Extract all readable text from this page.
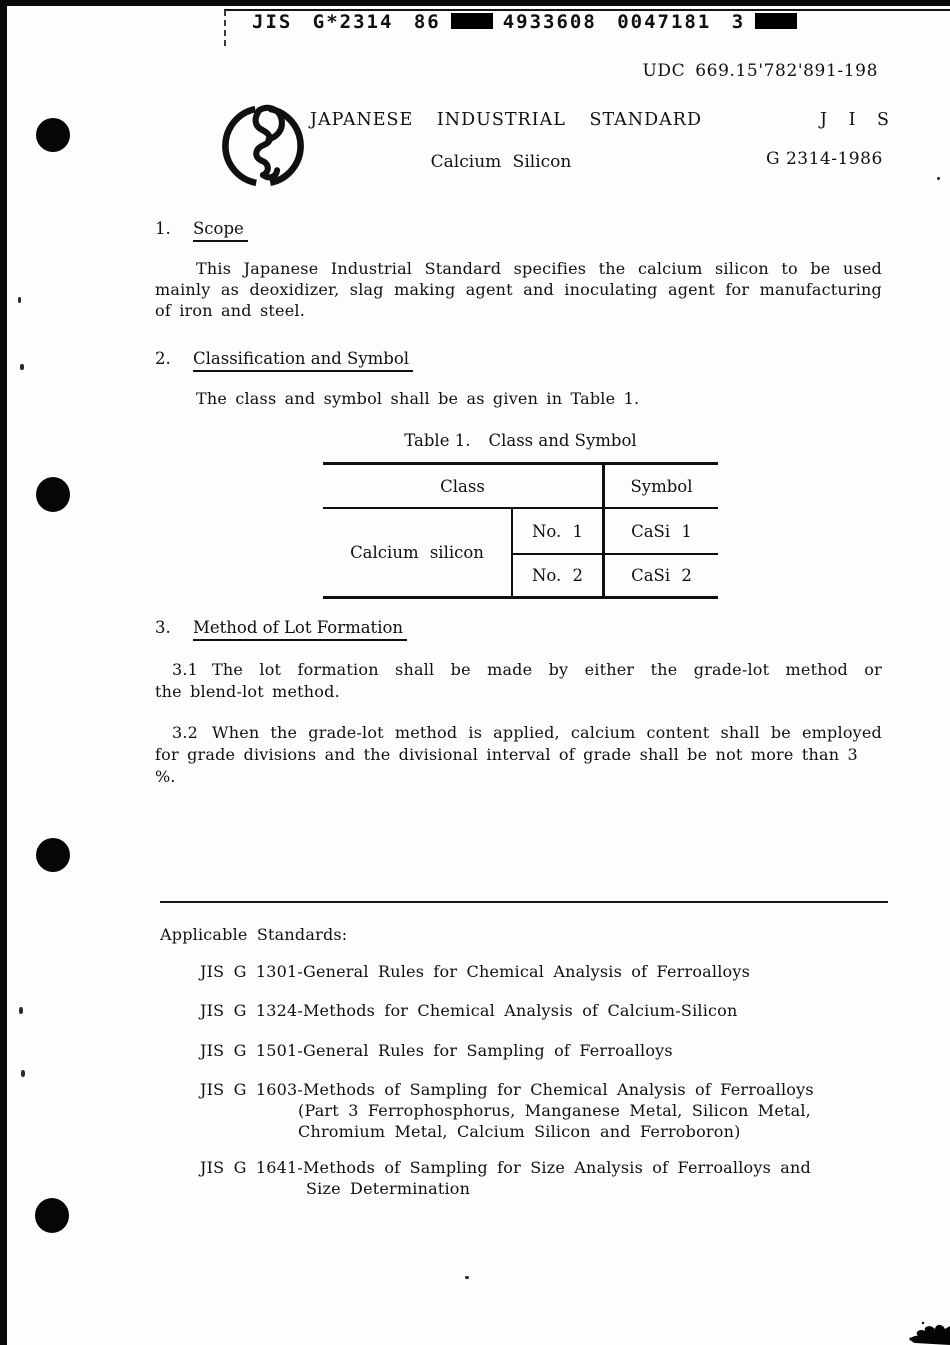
JIS G*2314 86	4933608 0047181 3
UDC 669.15'782'891-198
JAPANESE INDUSTRIAL STANDARD	J I S
Calcium Silicon	G 2314-1986
1. Scope
This Japanese Industrial Standard specifies the calcium silicon to be used
mainly as deoxidizer, slag making agent and inoculating agent for manufacturing
of iron and steel.
2. Classification and Symbol
The class and symbol shall be as given in Table 1.
Table 1. Class and Symbol
Class	Symbol
Calcium silicon
No. 1	CaSi 1
No. 2	CaSi 2
3. Method of Lot Formation
3.1 The lot formation shall be made by either the grade-lot method or
the blend-lot method.
3.2 When the grade-lot method is applied, calcium content shall be employed
for grade divisions and the divisional interval of grade shall be not more than 3 %.
Applicable Standards:
JIS G 1301-General Rules for Chemical Analysis of Ferroalloys
JIS G 1324-Methods for Chemical Analysis of Calcium-Silicon
JIS G 1501-General Rules for Sampling of Ferroalloys
JIS G 1603-Methods of Sampling for Chemical Analysis of Ferroalloys
(Part 3 Ferrophosphorus, Manganese Metal, Silicon Metal,
Chromium Metal, Calcium Silicon and Ferroboron)
JIS G 1641-Methods of Sampling for Size Analysis of Ferroalloys and
Size Determination
